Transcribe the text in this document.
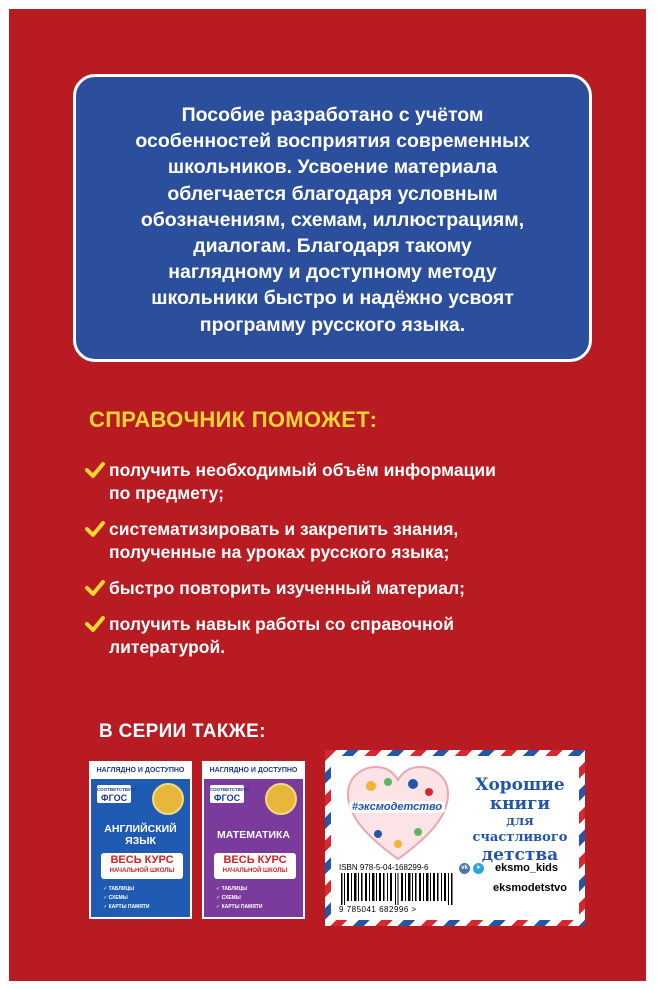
Пособие разработано с учётом
особенностей восприятия современных
школьников. Усвоение материала
облегчается благодаря условным
обозначениям, схемам, иллюстрациям,
диалогам. Благодаря такому
наглядному и доступному методу
школьники быстро и надёжно усвоят
программу русского языка.
СПРАВОЧНИК ПОМОЖЕТ:
получить необходимый объём информации
по предмету;
систематизировать и закрепить знания,
полученные на уроках русского языка;
быстро повторить изученный материал;
получить навык работы со справочной
литературой.
В СЕРИИ ТАКЖЕ:
НАГЛЯДНО И ДОСТУПНО
СООТВЕТСТВУЕТ
ФГОС
АНГЛИЙСКИЙ
ЯЗЫК
ВЕСЬ КУРС
НАЧАЛЬНОЙ ШКОЛЫ
✓ ТАБЛИЦЫ
✓ СХЕМЫ
✓ КАРТЫ ПАМЯТИ
НАГЛЯДНО И ДОСТУПНО
СООТВЕТСТВУЕТ
ФГОС
МАТЕМАТИКА
ВЕСЬ КУРС
НАЧАЛЬНОЙ ШКОЛЫ
✓ ТАБЛИЦЫ
✓ СХЕМЫ
✓ КАРТЫ ПАМЯТИ
#эксмодетство
Хорошие
книги
для счастливого
детства
ISBN 978-5-04-168299-6
9 785041 682996 >
vk	➤ eksmo_kids
eksmodetstvo
